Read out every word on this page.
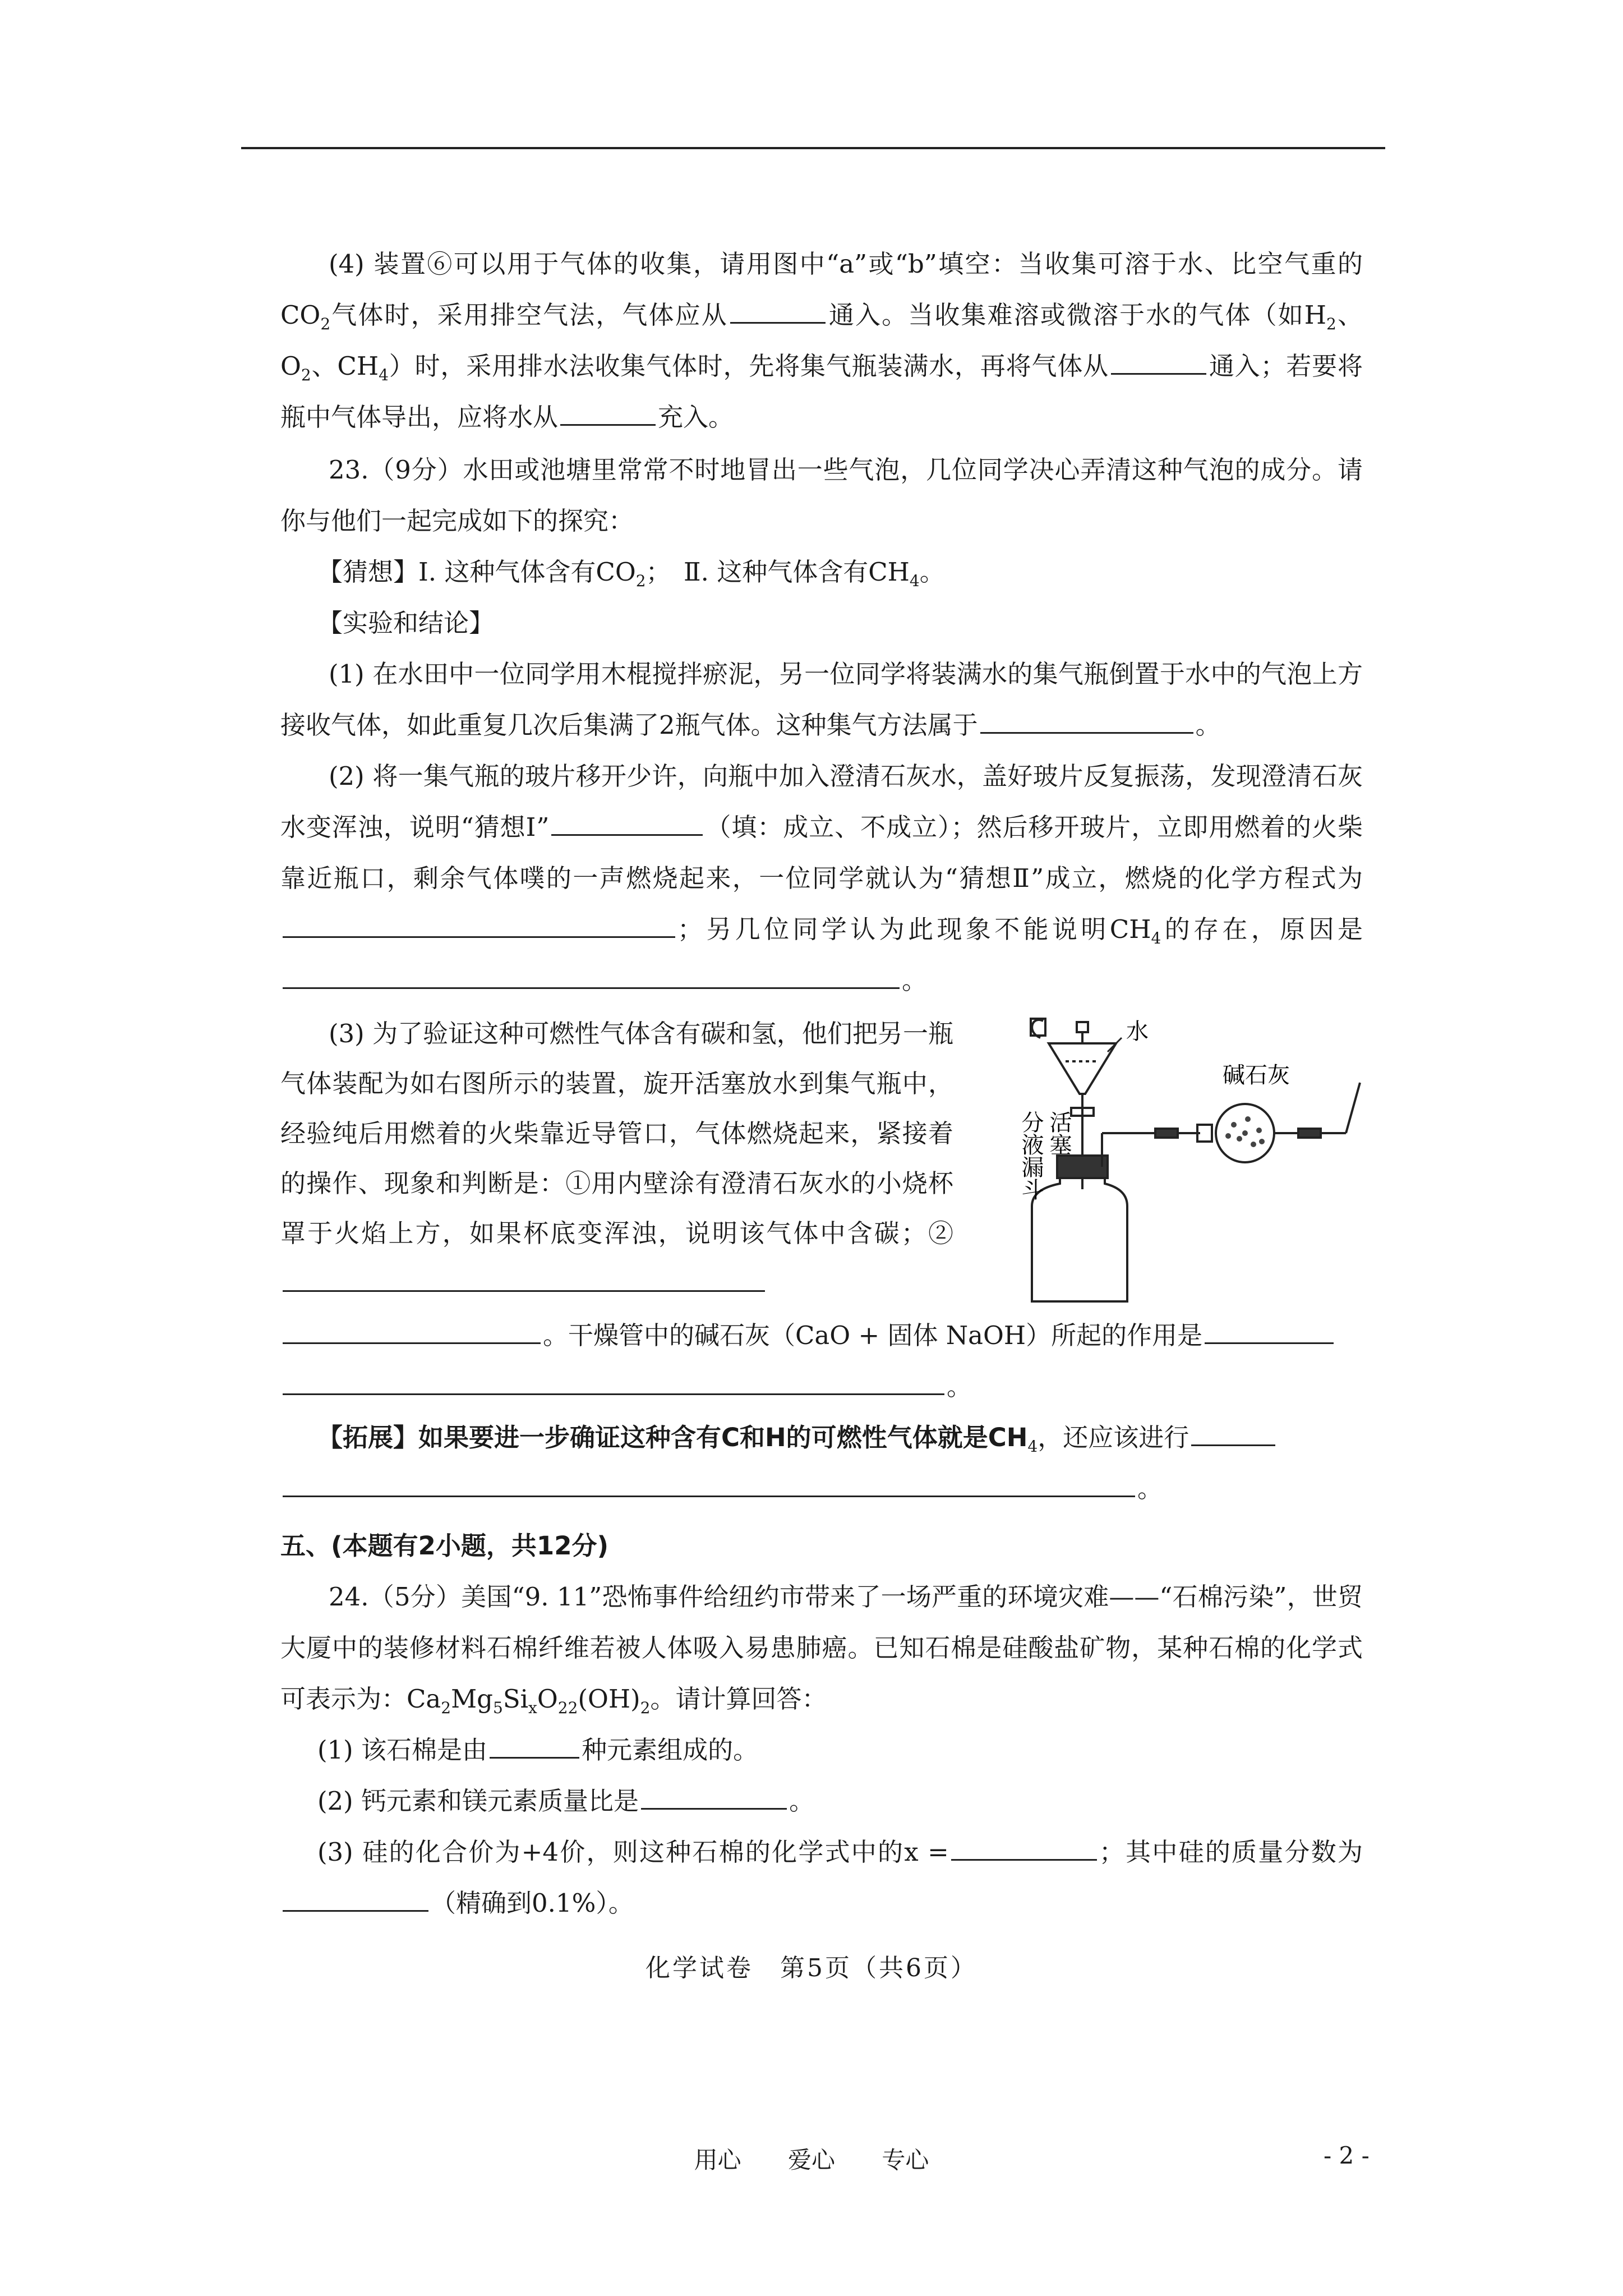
(4) 装置⑥可以用于气体的收集，请用图中“a”或“b”填空：当收集可溶于水、比空气重的$CO_2$气体时，采用排空气法，气体应从	通入。当收集难溶或微溶于水的气体（如$H_2$、$O_2$、$CH_4$）时，采用排水法收集气体时，先将集气瓶装满水，再将气体从	通入；若要将瓶中气体导出，应将水从	充入。

23.（9分）水田或池塘里常常不时地冒出一些气泡，几位同学决心弄清这种气泡的成分。请你与他们一起完成如下的探究：

【猜想】Ⅰ. 这种气体含有$CO_2$；　Ⅱ. 这种气体含有$CH_4$。

【实验和结论】

(1) 在水田中一位同学用木棍搅拌瘀泥，另一位同学将装满水的集气瓶倒置于水中的气泡上方接收气体，如此重复几次后集满了2瓶气体。这种集气方法属于	。

(2) 将一集气瓶的玻片移开少许，向瓶中加入澄清石灰水，盖好玻片反复振荡，发现澄清石灰水变浑浊，说明“猜想Ⅰ”	（填：成立、不成立）；然后移开玻片，立即用燃着的火柴靠近瓶口，剩余气体噗的一声燃烧起来，一位同学就认为“猜想Ⅱ”成立，燃烧的化学方程式为；另几位同学认为此现象不能说明$CH_4$的存在，原因是。

(3) 为了验证这种可燃性气体含有碳和氢，他们把另一瓶气体装配为如右图所示的装置，旋开活塞放水到集气瓶中，经验纯后用燃着的火柴靠近导管口，气体燃烧起来，紧接着的操作、现象和判断是：①用内壁涂有澄清石灰水的小烧杯罩于火焰上方，如果杯底变浑浊，说明该气体中含碳；②

水
碱石灰
分液漏斗 活塞

。干燥管中的碱石灰（CaO + 固体 NaOH）所起的作用是

。

【拓展】如果要进一步确证这种含有C和H的可燃性气体就是$CH_4$，还应该进行

。

五、(本题有2小题，共12分)

24.（5分）美国“9. 11”恐怖事件给纽约市带来了一场严重的环境灾难——“石棉污染”，世贸大厦中的装修材料石棉纤维若被人体吸入易患肺癌。已知石棉是硅酸盐矿物，某种石棉的化学式可表示为：$Ca_2Mg_5Si_xO_{22}(OH)_2$。请计算回答：

(1) 该石棉是由	种元素组成的。

(2) 钙元素和镁元素质量比是	。

(3) 硅的化合价为+4价，则这种石棉的化学式中的x =	；其中硅的质量分数为（精确到0.1%）。

化学试卷　第5页（共6页）
用心 爱心 专心	- 2 -
